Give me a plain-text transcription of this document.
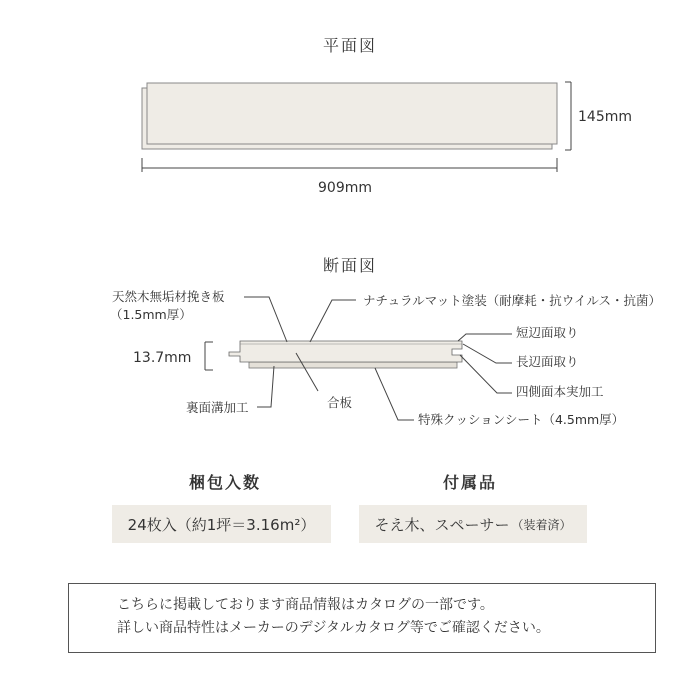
平面図
145mm
909mm
断面図
13.7mm
天然木無垢材挽き板
（1.5mm厚）
ナチュラルマット塗装（耐摩耗・抗ウイルス・抗菌）
短辺面取り
長辺面取り
四側面本実加工
特殊クッションシート（4.5mm厚）
合板
裏面溝加工
梱包入数	付属品
24枚入（約1坪＝3.16m²）	そえ木、スペーサー （装着済）
こちらに掲載しております商品情報はカタログの一部です。
詳しい商品特性はメーカーのデジタルカタログ等でご確認ください。
